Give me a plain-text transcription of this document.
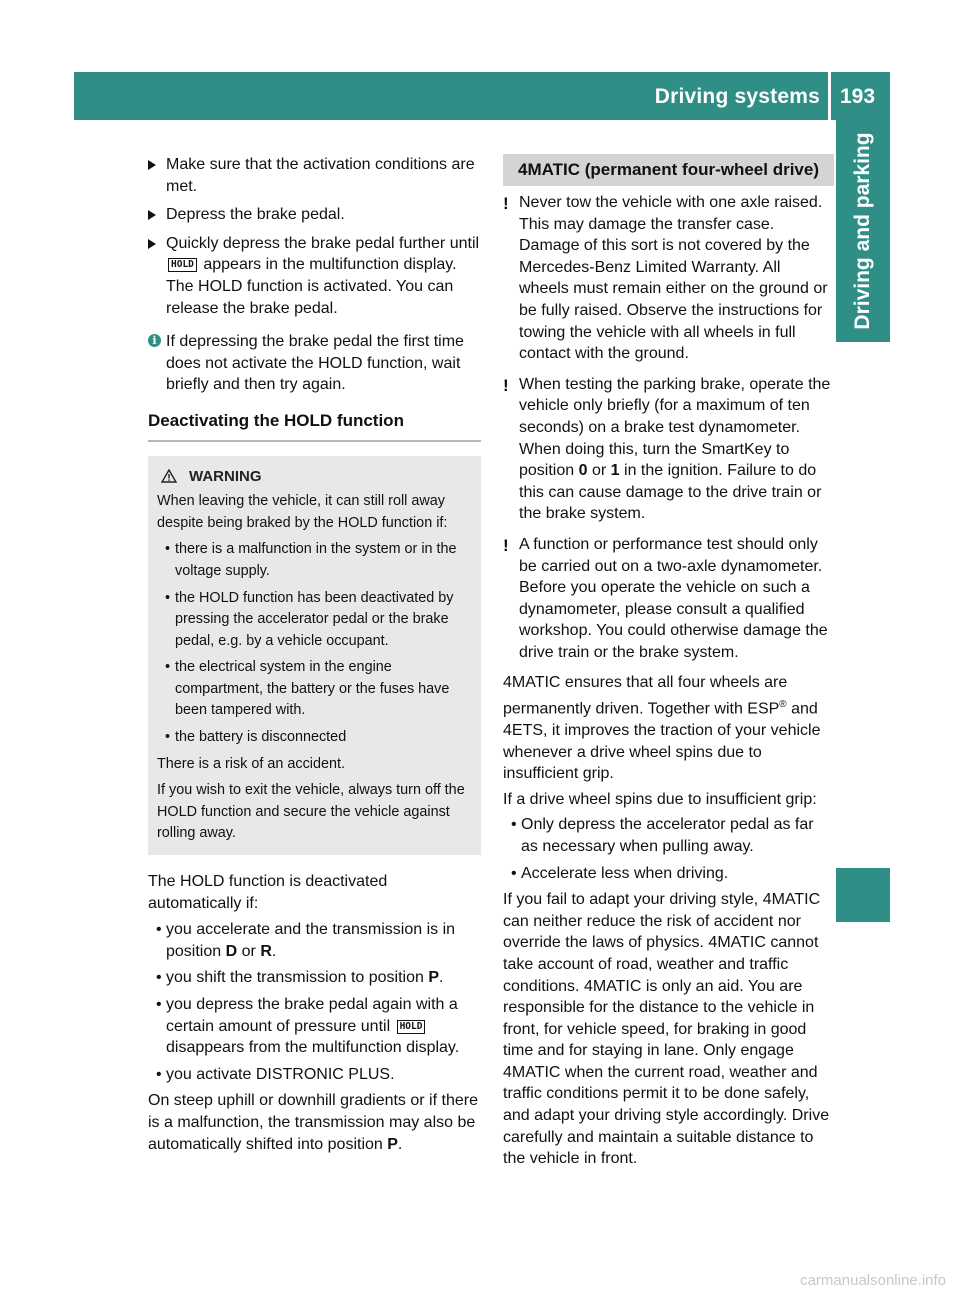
Driving systems 193
Driving and parking
Make sure that the activation conditions are met.
Depress the brake pedal.
Quickly depress the brake pedal further until HOLD appears in the multifunction display.
The HOLD function is activated. You can release the brake pedal.
i If depressing the brake pedal the first time does not activate the HOLD function, wait briefly and then try again.
Deactivating the HOLD function
WARNING

When leaving the vehicle, it can still roll away despite being braked by the HOLD function if:

• there is a malfunction in the system or in the voltage supply.
• the HOLD function has been deactivated by pressing the accelerator pedal or the brake pedal, e.g. by a vehicle occupant.
• the electrical system in the engine compartment, the battery or the fuses have been tampered with.
• the battery is disconnected

There is a risk of an accident.

If you wish to exit the vehicle, always turn off the HOLD function and secure the vehicle against rolling away.

The HOLD function is deactivated automatically if:

• you accelerate and the transmission is in position D or R.
• you shift the transmission to position P.
• you depress the brake pedal again with a certain amount of pressure until HOLD disappears from the multifunction display.
• you activate DISTRONIC PLUS.

On steep uphill or downhill gradients or if there is a malfunction, the transmission may also be automatically shifted into position P.

4MATIC (permanent four-wheel drive)
! Never tow the vehicle with one axle raised. This may damage the transfer case. Damage of this sort is not covered by the Mercedes-Benz Limited Warranty. All wheels must remain either on the ground or be fully raised. Observe the instructions for towing the vehicle with all wheels in full contact with the ground.
! When testing the parking brake, operate the vehicle only briefly (for a maximum of ten seconds) on a brake test dynamometer. When doing this, turn the SmartKey to position 0 or 1 in the ignition. Failure to do this can cause damage to the drive train or the brake system.
! A function or performance test should only be carried out on a two-axle dynamometer. Before you operate the vehicle on such a dynamometer, please consult a qualified workshop. You could otherwise damage the drive train or the brake system.

4MATIC ensures that all four wheels are permanently driven. Together with ESP® and 4ETS, it improves the traction of your vehicle whenever a drive wheel spins due to insufficient grip.

If a drive wheel spins due to insufficient grip:

• Only depress the accelerator pedal as far as necessary when pulling away.
• Accelerate less when driving.

If you fail to adapt your driving style, 4MATIC can neither reduce the risk of accident nor override the laws of physics. 4MATIC cannot take account of road, weather and traffic conditions. 4MATIC is only an aid. You are responsible for the distance to the vehicle in front, for vehicle speed, for braking in good time and for staying in lane. Only engage 4MATIC when the current road, weather and traffic conditions permit it to be done safely, and adapt your driving style accordingly. Drive carefully and maintain a suitable distance to the vehicle in front.

carmanualsonline.info
